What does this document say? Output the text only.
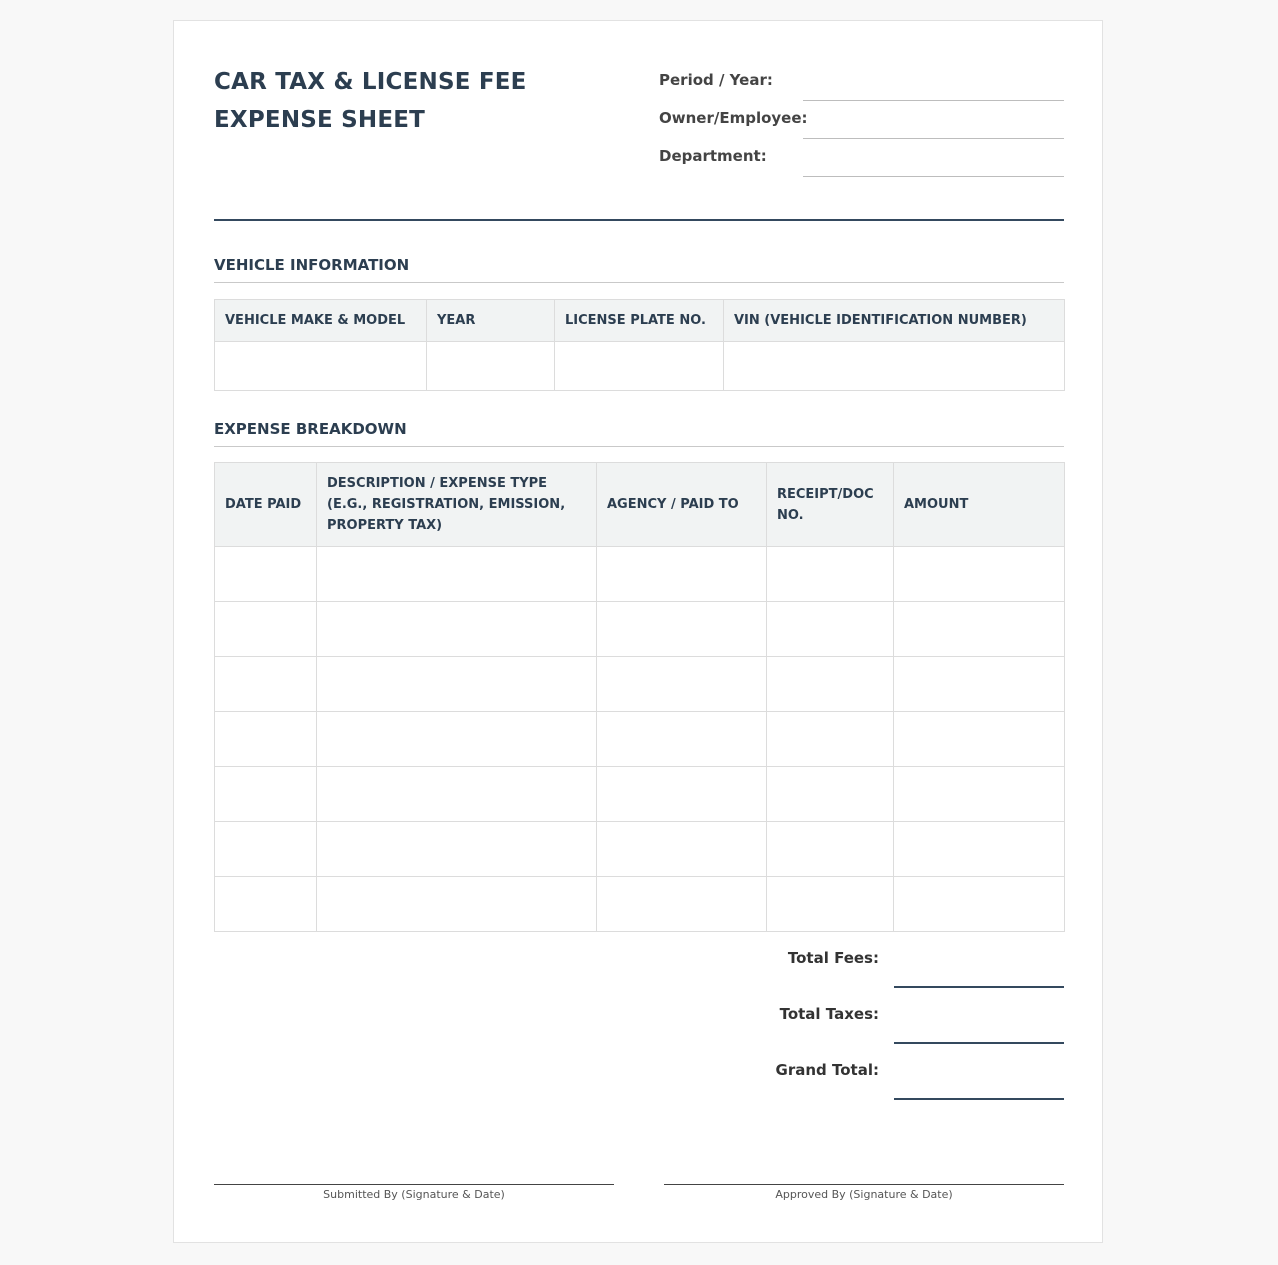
CAR TAX & LICENSE FEE
EXPENSE SHEET
Period / Year:
Owner/Employee:
Department:
VEHICLE INFORMATION
VEHICLE MAKE & MODEL	YEAR	LICENSE PLATE NO.	VIN (VEHICLE IDENTIFICATION NUMBER)

EXPENSE BREAKDOWN
DATE PAID	DESCRIPTION / EXPENSE TYPE (E.G., REGISTRATION, EMISSION, PROPERTY TAX)	AGENCY / PAID TO	RECEIPT/DOC NO.	AMOUNT

Total Fees:
Total Taxes:
Grand Total:
Submitted By (Signature & Date)	Approved By (Signature & Date)
